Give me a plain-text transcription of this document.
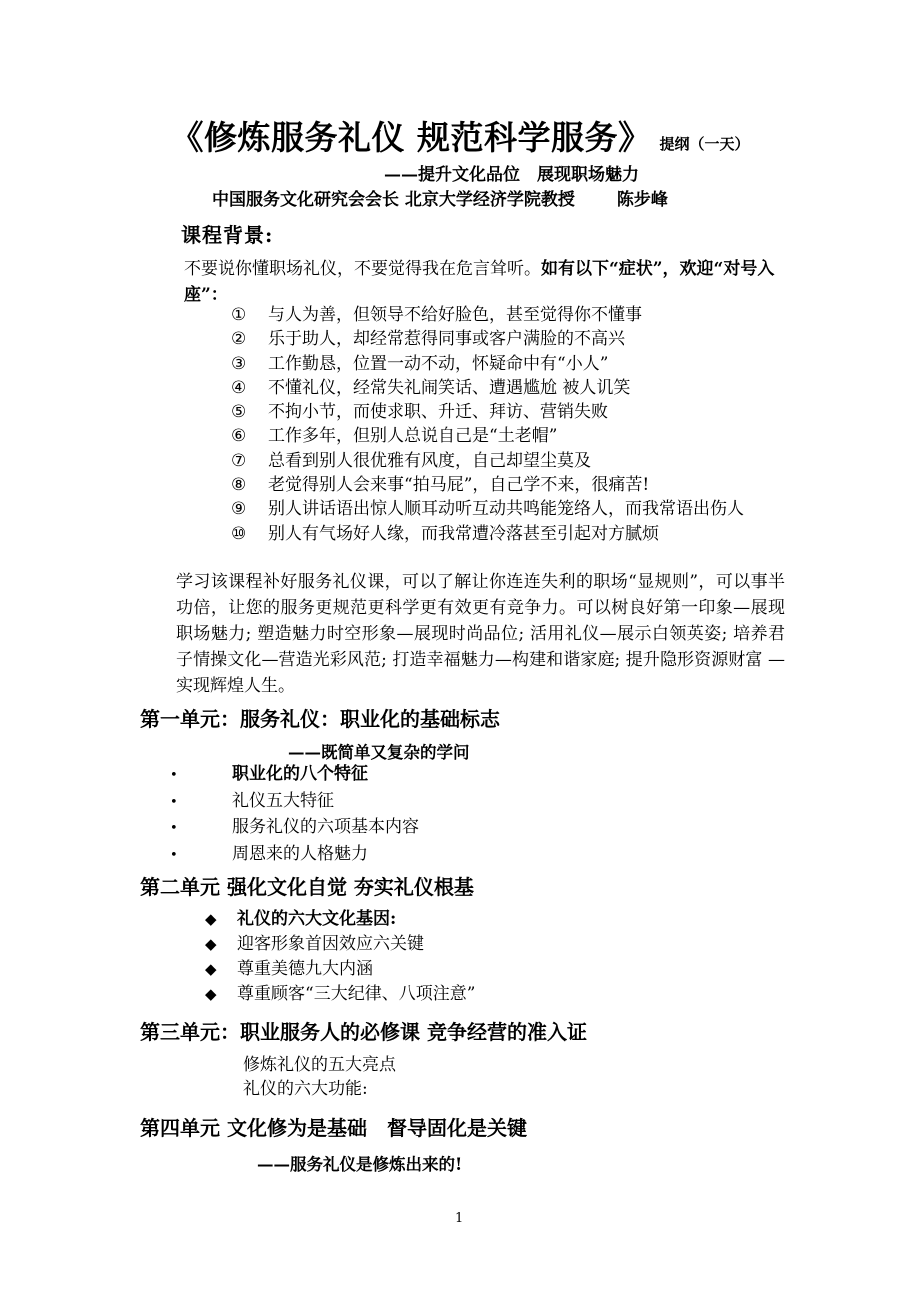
《修炼服务礼仪 规范科学服务》 提纲（一天）
——提升文化品位　展现职场魅力
中国服务文化研究会会长 北京大学经济学院教授 陈步峰
课程背景:
不要说你懂职场礼仪，不要觉得我在危言耸听。如有以下“症状”，欢迎“对号入座”：
① 与人为善，但领导不给好脸色，甚至觉得你不懂事
② 乐于助人，却经常惹得同事或客户满脸的不高兴
③ 工作勤恳，位置一动不动，怀疑命中有“小人”
④ 不懂礼仪，经常失礼闹笑话、遭遇尴尬 被人讥笑
⑤ 不拘小节，而使求职、升迁、拜访、营销失败
⑥ 工作多年，但别人总说自己是“土老帽”
⑦ 总看到别人很优雅有风度，自己却望尘莫及
⑧ 老觉得别人会来事“拍马屁”，自己学不来，很痛苦!
⑨ 别人讲话语出惊人顺耳动听互动共鸣能笼络人，而我常语出伤人
⑩ 别人有气场好人缘，而我常遭冷落甚至引起对方腻烦
学习该课程补好服务礼仪课，可以了解让你连连失利的职场“显规则”，可以事半功倍，让您的服务更规范更科学更有效更有竞争力。可以树良好第一印象—展现职场魅力; 塑造魅力时空形象—展现时尚品位; 活用礼仪—展示白领英姿; 培养君子情操文化—营造光彩风范; 打造幸福魅力—构建和谐家庭; 提升隐形资源财富 —实现辉煌人生。
第一单元：服务礼仪：职业化的基础标志
——既简单又复杂的学问
•	职业化的八个特征
•	礼仪五大特征
•	服务礼仪的六项基本内容
•	周恩来的人格魅力
第二单元 强化文化自觉 夯实礼仪根基
◆ 礼仪的六大文化基因:
◆ 迎客形象首因效应六关键
◆ 尊重美德九大内涵
◆ 尊重顾客“三大纪律、八项注意”
第三单元：职业服务人的必修课 竞争经营的准入证
修炼礼仪的五大亮点
礼仪的六大功能:
第四单元 文化修为是基础　督导固化是关键
——服务礼仪是修炼出来的!
1
